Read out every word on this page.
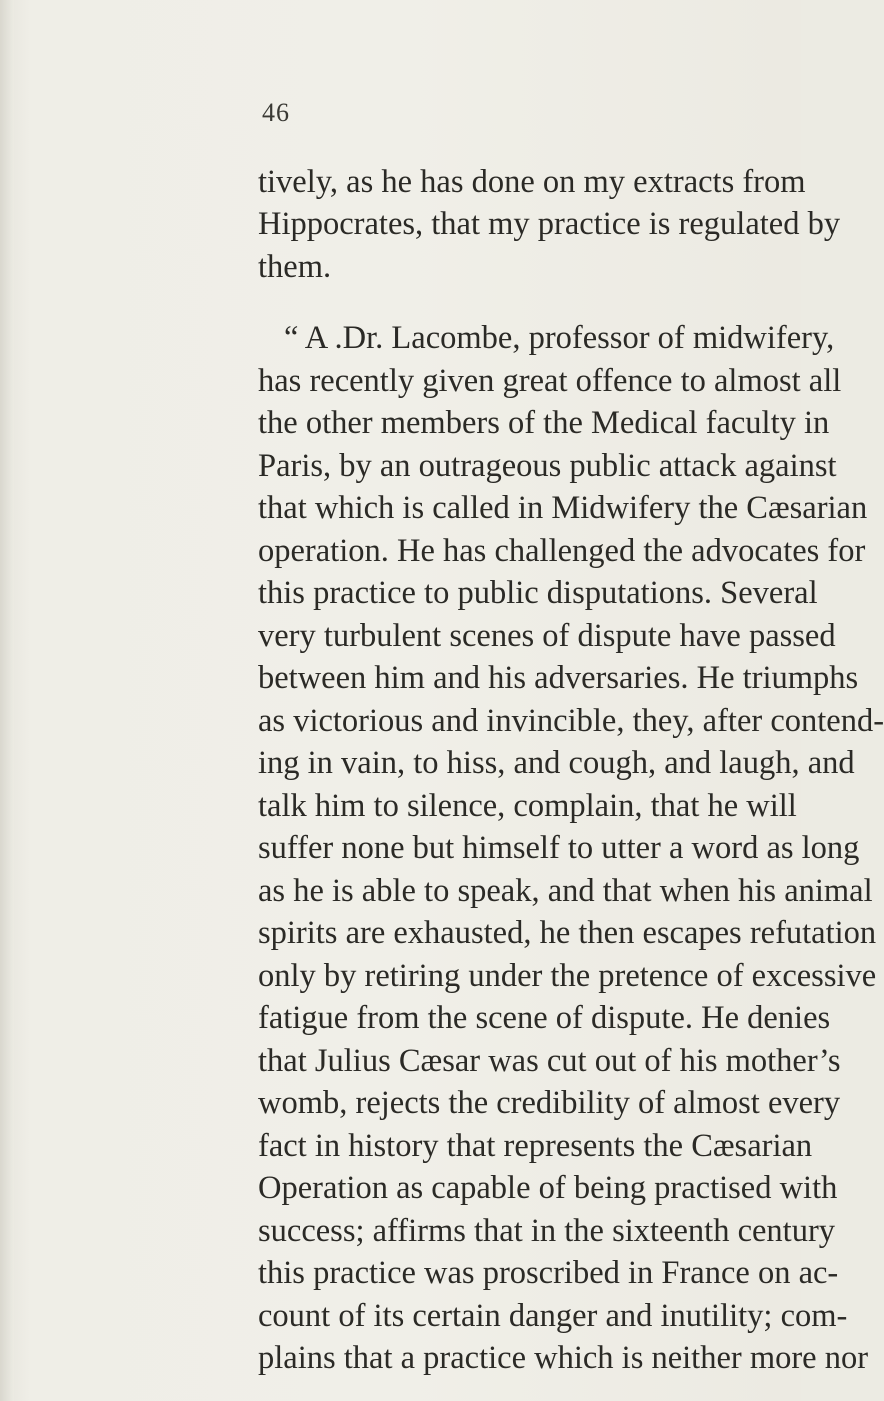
46
tively, as he has done on my extracts from
Hippocrates, that my practice is regulated by
them.
“ A .Dr. Lacombe, professor of midwifery,
has recently given great offence to almost all
the other members of the Medical faculty in
Paris, by an outrageous public attack against
that which is called in Midwifery the Cæsarian
operation. He has challenged the advocates for
this practice to public disputations. Several
very turbulent scenes of dispute have passed
between him and his adversaries. He triumphs
as victorious and invincible, they, after contend-
ing in vain, to hiss, and cough, and laugh, and
talk him to silence, complain, that he will
suffer none but himself to utter a word as long
as he is able to speak, and that when his animal
spirits are exhausted, he then escapes refutation
only by retiring under the pretence of excessive
fatigue from the scene of dispute. He denies
that Julius Cæsar was cut out of his mother’s
womb, rejects the credibility of almost every
fact in history that represents the Cæsarian
Operation as capable of being practised with
success; affirms that in the sixteenth century
this practice was proscribed in France on ac-
count of its certain danger and inutility; com-
plains that a practice which is neither more nor
